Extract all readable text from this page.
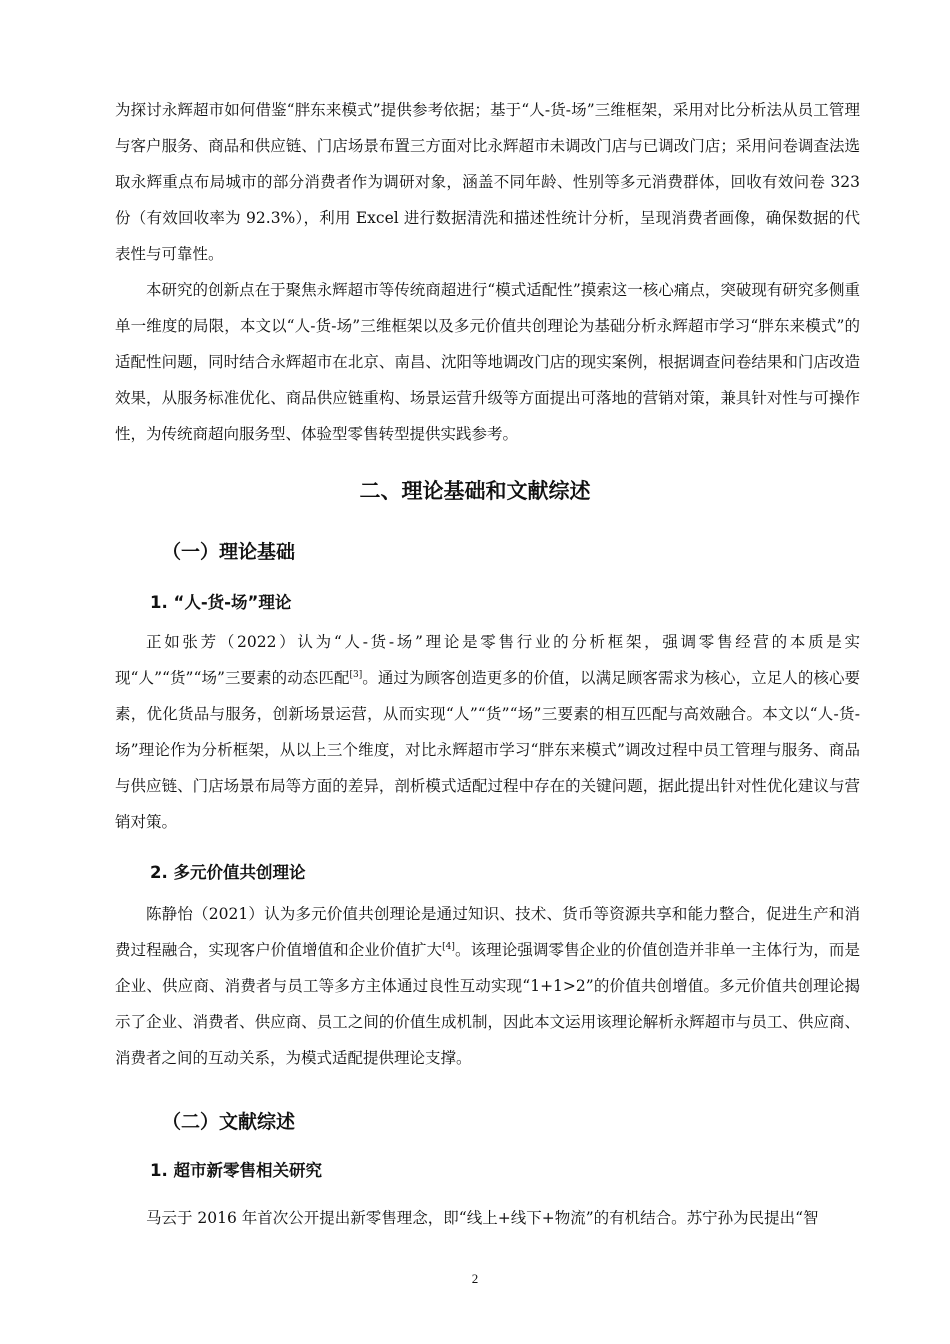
为探讨永辉超市如何借鉴“胖东来模式”提供参考依据；基于“人-货-场”三维框架，采用对比分析法从员工管理与客户服务、商品和供应链、门店场景布置三方面对比永辉超市未调改门店与已调改门店；采用问卷调查法选取永辉重点布局城市的部分消费者作为调研对象，涵盖不同年龄、性别等多元消费群体，回收有效问卷 323 份（有效回收率为 92.3%），利用 Excel 进行数据清洗和描述性统计分析，呈现消费者画像，确保数据的代表性与可靠性。

本研究的创新点在于聚焦永辉超市等传统商超进行“模式适配性”摸索这一核心痛点，突破现有研究多侧重单一维度的局限，本文以“人-货-场”三维框架以及多元价值共创理论为基础分析永辉超市学习“胖东来模式”的适配性问题，同时结合永辉超市在北京、南昌、沈阳等地调改门店的现实案例，根据调查问卷结果和门店改造效果，从服务标准优化、商品供应链重构、场景运营升级等方面提出可落地的营销对策，兼具针对性与可操作性，为传统商超向服务型、体验型零售转型提供实践参考。

二、理论基础和文献综述
（一）理论基础
1. “人-货-场”理论

正如张芳（2022）认为“人-货-场”理论是零售行业的分析框架，强调零售经营的本质是实现“人”“货”“场”三要素的动态匹配[3]。通过为顾客创造更多的价值，以满足顾客需求为核心，立足人的核心要素，优化货品与服务，创新场景运营，从而实现“人”“货”“场”三要素的相互匹配与高效融合。本文以“人-货-场”理论作为分析框架，从以上三个维度，对比永辉超市学习“胖东来模式”调改过程中员工管理与服务、商品与供应链、门店场景布局等方面的差异，剖析模式适配过程中存在的关键问题，据此提出针对性优化建议与营销对策。

2. 多元价值共创理论

陈静怡（2021）认为多元价值共创理论是通过知识、技术、货币等资源共享和能力整合，促进生产和消费过程融合，实现客户价值增值和企业价值扩大[4]。该理论强调零售企业的价值创造并非单一主体行为，而是企业、供应商、消费者与员工等多方主体通过良性互动实现“1+1>2”的价值共创增值。多元价值共创理论揭示了企业、消费者、供应商、员工之间的价值生成机制，因此本文运用该理论解析永辉超市与员工、供应商、消费者之间的互动关系，为模式适配提供理论支撑。

（二）文献综述
1. 超市新零售相关研究

马云于 2016 年首次公开提出新零售理念，即“线上+线下+物流”的有机结合。苏宁孙为民提出“智

2
